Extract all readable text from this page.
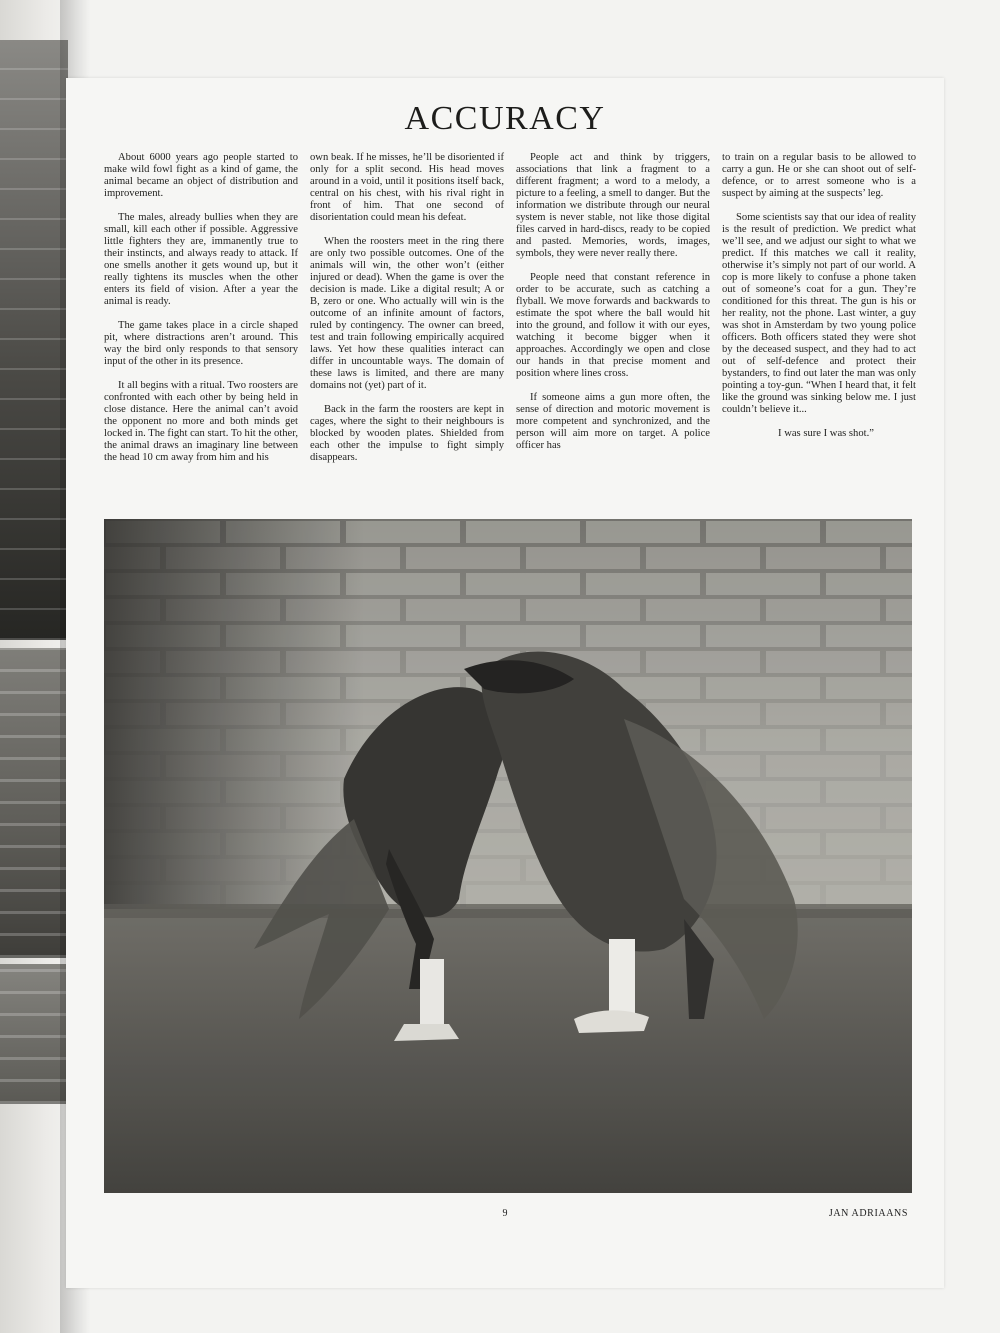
ACCURACY

About 6000 years ago people started to make wild fowl fight as a kind of game, the animal became an object of distribution and improvement.

The males, already bullies when they are small, kill each other if possible. Aggressive little fighters they are, immanently true to their instincts, and always ready to attack. If one smells another it gets wound up, but it really tightens its muscles when the other enters its field of vision. After a year the animal is ready.

The game takes place in a circle shaped pit, where distractions aren’t around. This way the bird only responds to that sensory input of the other in its presence.

It all begins with a ritual. Two roosters are confronted with each other by being held in close distance. Here the animal can’t avoid the opponent no more and both minds get locked in. The fight can start. To hit the other, the animal draws an imaginary line between the head 10 cm away from him and his

own beak. If he misses, he’ll be disoriented if only for a split second. His head moves around in a void, until it positions itself back, central on his chest, with his rival right in front of him. That one second of disorientation could mean his defeat.

When the roosters meet in the ring there are only two possible outcomes. One of the animals will win, the other won’t (either injured or dead). When the game is over the decision is made. Like a digital result; A or B, zero or one. Who actually will win is the outcome of an infinite amount of factors, ruled by contingency. The owner can breed, test and train following empirically acquired laws. Yet how these qualities interact can differ in uncountable ways. The domain of these laws is limited, and there are many domains not (yet) part of it.

Back in the farm the roosters are kept in cages, where the sight to their neighbours is blocked by wooden plates. Shielded from each other the impulse to fight simply disappears.

People act and think by triggers, associations that link a fragment to a different fragment; a word to a melody, a picture to a feeling, a smell to danger. But the information we distribute through our neural system is never stable, not like those digital files carved in hard-discs, ready to be copied and pasted. Memories, words, images, symbols, they were never really there.

People need that constant reference in order to be accurate, such as catching a flyball. We move forwards and backwards to estimate the spot where the ball would hit into the ground, and follow it with our eyes, watching it become bigger when it approaches. Accordingly we open and close our hands in that precise moment and position where lines cross.

If someone aims a gun more often, the sense of direction and motoric movement is more competent and synchronized, and the person will aim more on target. A police officer has

to train on a regular basis to be allowed to carry a gun. He or she can shoot out of self-defence, or to arrest someone who is a suspect by aiming at the suspects’ leg.

Some scientists say that our idea of reality is the result of prediction. We predict what we’ll see, and we adjust our sight to what we predict. If this matches we call it reality, otherwise it’s simply not part of our world. A cop is more likely to confuse a phone taken out of someone’s coat for a gun. They’re conditioned for this threat. The gun is his or her reality, not the phone. Last winter, a guy was shot in Amsterdam by two young police officers. Both officers stated they were shot by the deceased suspect, and they had to act out of self-defence and protect their bystanders, to find out later the man was only pointing a toy-gun. “When I heard that, it felt like the ground was sinking below me. I just couldn’t believe it...

I was sure I was shot.”

9	JAN ADRIAANS
